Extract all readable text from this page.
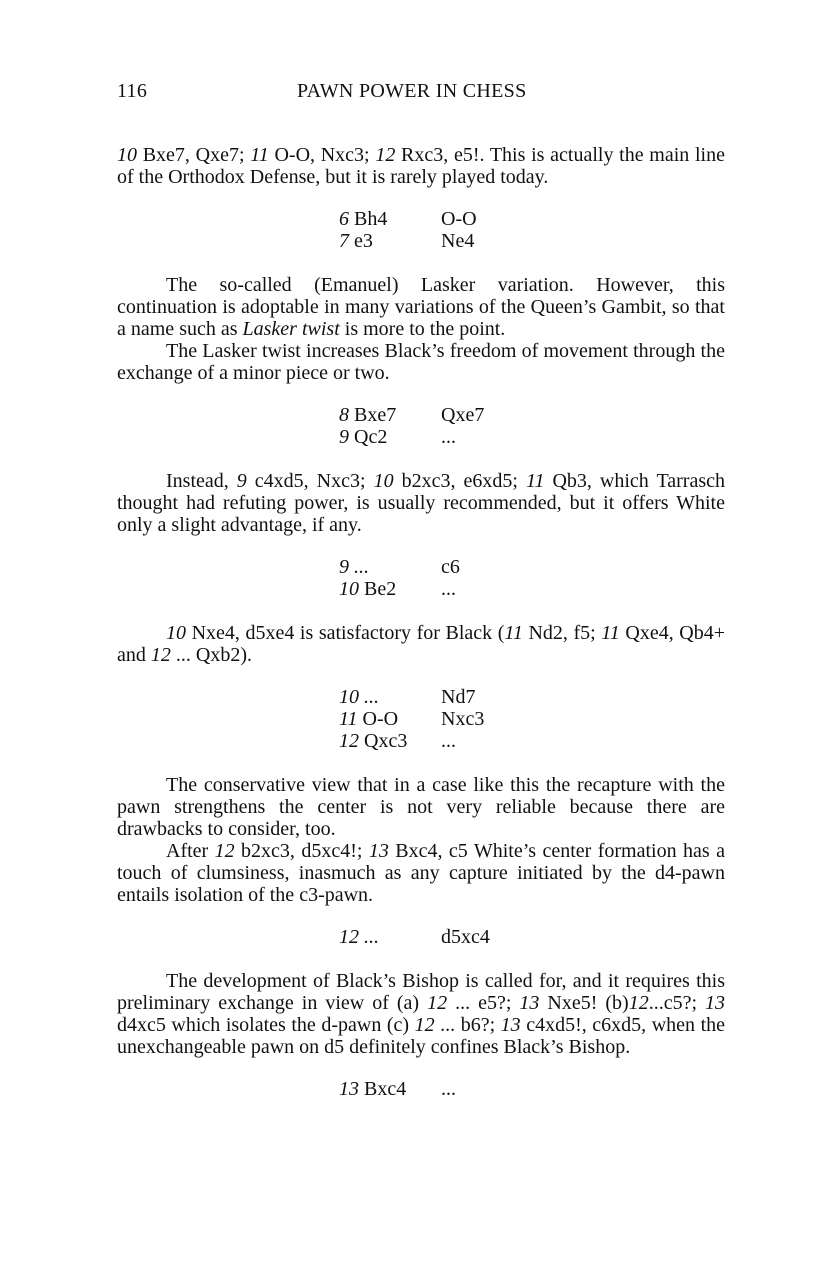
116	PAWN POWER IN CHESS

10 Bxe7, Qxe7; 11 O-O, Nxc3; 12 Rxc3, e5!. This is actually the main line of the Orthodox Defense, but it is rarely played today.

6 Bh4	O-O
7 e3	Ne4

The so-called (Emanuel) Lasker variation. However, this continuation is adoptable in many variations of the Queen’s Gambit, so that a name such as Lasker twist is more to the point.

The Lasker twist increases Black’s freedom of movement through the exchange of a minor piece or two.

8 Bxe7	Qxe7
9 Qc2	...

Instead, 9 c4xd5, Nxc3; 10 b2xc3, e6xd5; 11 Qb3, which Tarrasch thought had refuting power, is usually recommended, but it offers White only a slight advantage, if any.

9 ...	c6
10 Be2	...

10 Nxe4, d5xe4 is satisfactory for Black (11 Nd2, f5; 11 Qxe4, Qb4+ and 12 ... Qxb2).

10 ...	Nd7
11 O-O	Nxc3
12 Qxc3	...

The conservative view that in a case like this the recapture with the pawn strengthens the center is not very reliable because there are drawbacks to consider, too.

After 12 b2xc3, d5xc4!; 13 Bxc4, c5 White’s center formation has a touch of clumsiness, inasmuch as any capture initiated by the d4-pawn entails isolation of the c3-pawn.

12 ...	d5xc4

The development of Black’s Bishop is called for, and it requires this preliminary exchange in view of (a) 12 ... e5?; 13 Nxe5! (b)12...c5?; 13 d4xc5 which isolates the d-pawn (c) 12 ... b6?; 13 c4xd5!, c6xd5, when the unexchangeable pawn on d5 definitely confines Black’s Bishop.

13 Bxc4	...
